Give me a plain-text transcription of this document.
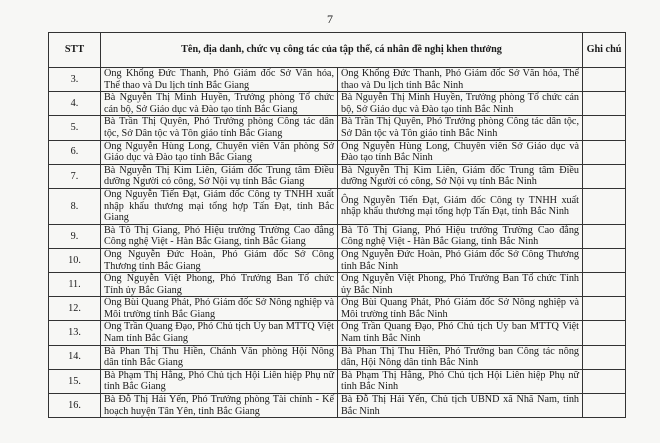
7
STT	Tên, địa danh, chức vụ công tác của tập thể, cá nhân đề nghị khen thưởng		Ghi chú
3.	Ông Khổng Đức Thanh, Phó Giám đốc Sở Văn hóa, Thể thao và Du lịch tỉnh Bắc Giang	Ông Khổng Đức Thanh, Phó Giám đốc Sở Văn hóa, Thể thao và Du lịch tỉnh Bắc Ninh	
4.	Bà Nguyễn Thị Minh Huyền, Trưởng phòng Tổ chức cán bộ, Sở Giáo dục và Đào tạo tỉnh Bắc Giang	Bà Nguyễn Thị Minh Huyền, Trưởng phòng Tổ chức cán bộ, Sở Giáo dục và Đào tạo tỉnh Bắc Ninh	
5.	Bà Trần Thị Quyên, Phó Trưởng phòng Công tác dân tộc, Sở Dân tộc và Tôn giáo tỉnh Bắc Giang	Bà Trần Thị Quyên, Phó Trưởng phòng Công tác dân tộc, Sở Dân tộc và Tôn giáo tỉnh Bắc Ninh	
6.	Ông Nguyễn Hùng Long, Chuyên viên Văn phòng Sở Giáo dục và Đào tạo tỉnh Bắc Giang	Ông Nguyễn Hùng Long, Chuyên viên Sở Giáo dục và Đào tạo tỉnh Bắc Ninh	
7.	Bà Nguyễn Thị Kim Liên, Giám đốc Trung tâm Điều dưỡng Người có công, Sở Nội vụ tỉnh Bắc Giang	Bà Nguyễn Thị Kim Liên, Giám đốc Trung tâm Điều dưỡng Người có công, Sở Nội vụ tỉnh Bắc Ninh	
8.	Ông Nguyễn Tiến Đạt, Giám đốc Công ty TNHH xuất nhập khẩu thương mại tổng hợp Tấn Đạt, tỉnh Bắc Giang	Ông Nguyễn Tiến Đạt, Giám đốc Công ty TNHH xuất nhập khẩu thương mại tổng hợp Tấn Đạt, tỉnh Bắc Ninh	
9.	Bà Tô Thị Giang, Phó Hiệu trưởng Trường Cao đẳng Công nghệ Việt - Hàn Bắc Giang, tỉnh Bắc Giang	Bà Tô Thị Giang, Phó Hiệu trưởng Trường Cao đẳng Công nghệ Việt - Hàn Bắc Giang, tỉnh Bắc Ninh	
10.	Ông Nguyễn Đức Hoàn, Phó Giám đốc Sở Công Thương tỉnh Bắc Giang	Ông Nguyễn Đức Hoàn, Phó Giám đốc Sở Công Thương tỉnh Bắc Ninh	
11.	Ông Nguyễn Việt Phong, Phó Trưởng Ban Tổ chức Tỉnh ủy Bắc Giang	Ông Nguyễn Việt Phong, Phó Trưởng Ban Tổ chức Tỉnh ủy Bắc Ninh	
12.	Ông Bùi Quang Phát, Phó Giám đốc Sở Nông nghiệp và Môi trường tỉnh Bắc Giang	Ông Bùi Quang Phát, Phó Giám đốc Sở Nông nghiệp và Môi trường tỉnh Bắc Ninh	
13.	Ông Trần Quang Đạo, Phó Chủ tịch Ủy ban MTTQ Việt Nam tỉnh Bắc Giang	Ông Trần Quang Đạo, Phó Chủ tịch Ủy ban MTTQ Việt Nam tỉnh Bắc Ninh	
14.	Bà Phan Thị Thu Hiền, Chánh Văn phòng Hội Nông dân tỉnh Bắc Giang	Bà Phan Thị Thu Hiền, Phó Trưởng ban Công tác nông dân, Hội Nông dân tỉnh Bắc Ninh	
15.	Bà Phạm Thị Hằng, Phó Chủ tịch Hội Liên hiệp Phụ nữ tỉnh Bắc Giang	Bà Phạm Thị Hằng, Phó Chủ tịch Hội Liên hiệp Phụ nữ tỉnh Bắc Ninh	
16.	Bà Đỗ Thị Hải Yến, Phó Trưởng phòng Tài chính - Kế hoạch huyện Tân Yên, tỉnh Bắc Giang	Bà Đỗ Thị Hải Yến, Chủ tịch UBND xã Nhã Nam, tỉnh Bắc Ninh	
